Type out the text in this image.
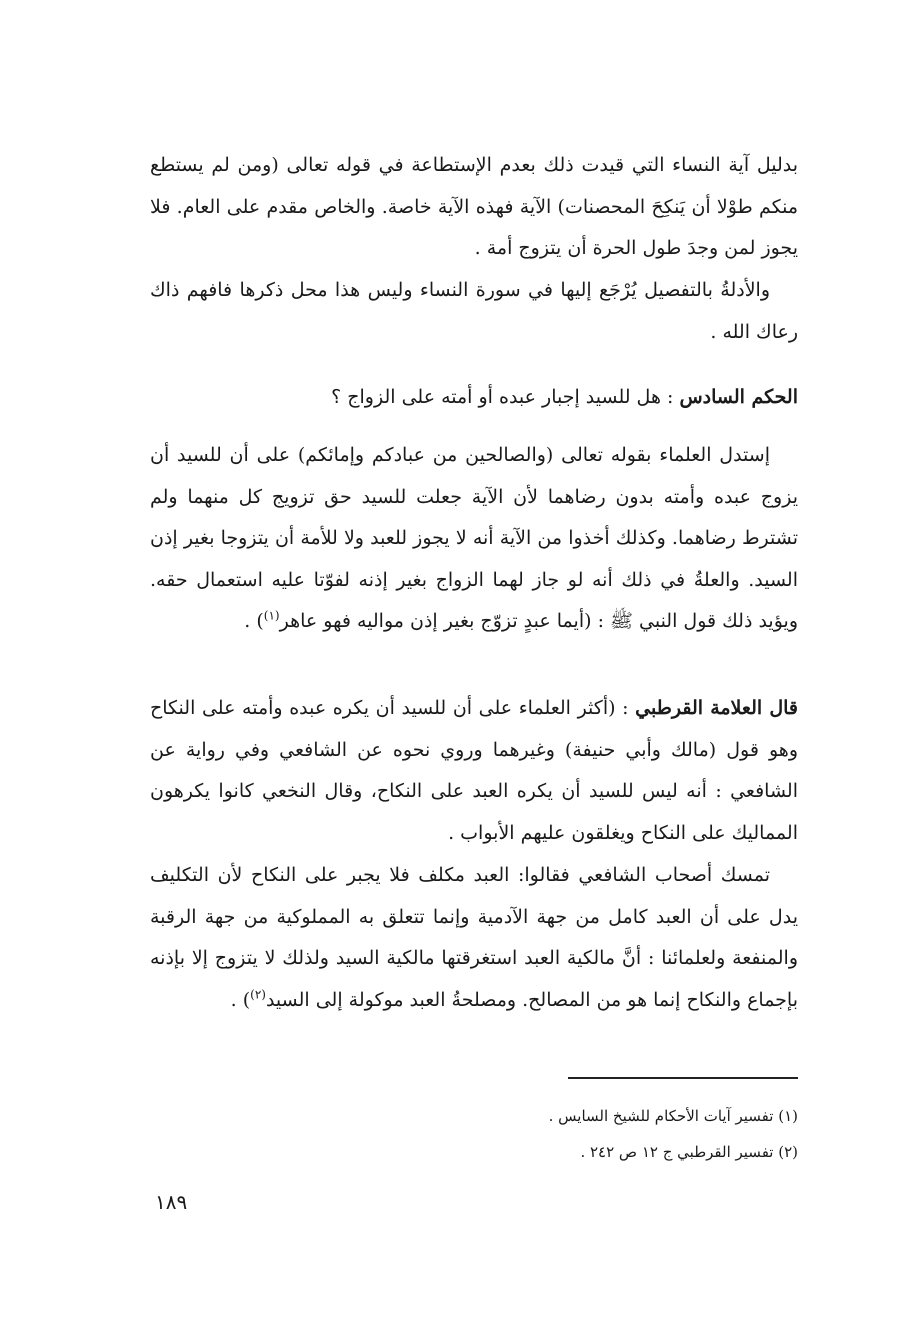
بدليل آية النساء التي قيدت ذلك بعدم الإستطاعة في قوله تعالى (ومن لم يستطع منكم طوْلا أن يَنكِحَ المحصنات) الآية فهذه الآية خاصة. والخاص مقدم على العام. فلا يجوز لمن وجدَ طول الحرة أن يتزوج أمة .

والأدلةُ بالتفصيل يُرْجَع إليها في سورة النساء وليس هذا محل ذكرها فافهم ذاك رعاك الله .

الحكم السادس : هل للسيد إجبار عبده أو أمته على الزواج ؟

إستدل العلماء بقوله تعالى (والصالحين من عبادكم وإمائكم) على أن للسيد أن يزوج عبده وأمته بدون رضاهما لأن الآية جعلت للسيد حق تزويج كل منهما ولم تشترط رضاهما. وكذلك أخذوا من الآية أنه لا يجوز للعبد ولا للأمة أن يتزوجا بغير إذن السيد. والعلةُ في ذلك أنه لو جاز لهما الزواج بغير إذنه لفوّتا عليه استعمال حقه. ويؤيد ذلك قول النبي ﷺ : (أيما عبدٍ تزوّج بغير إذن مواليه فهو عاهر$^{(١)}$) .

قال العلامة القرطبي : (أكثر العلماء على أن للسيد أن يكره عبده وأمته على النكاح وهو قول (مالك وأبي حنيفة) وغيرهما وروي نحوه عن الشافعي وفي رواية عن الشافعي : أنه ليس للسيد أن يكره العبد على النكاح، وقال النخعي كانوا يكرهون المماليك على النكاح ويغلقون عليهم الأبواب .

تمسك أصحاب الشافعي فقالوا: العبد مكلف فلا يجبر على النكاح لأن التكليف يدل على أن العبد كامل من جهة الآدمية وإنما تتعلق به المملوكية من جهة الرقبة والمنفعة ولعلمائنا : أنَّ مالكية العبد استغرقتها مالكية السيد ولذلك لا يتزوج إلا بإذنه بإجماع والنكاح إنما هو من المصالح. ومصلحةُ العبد موكولة إلى السيد$^{(٢)}$) .

(١) تفسير آيات الأحكام للشيخ السايس .

(٢) تفسير القرطبي ج ١٢ ص ٢٤٢ .

١٨٩
